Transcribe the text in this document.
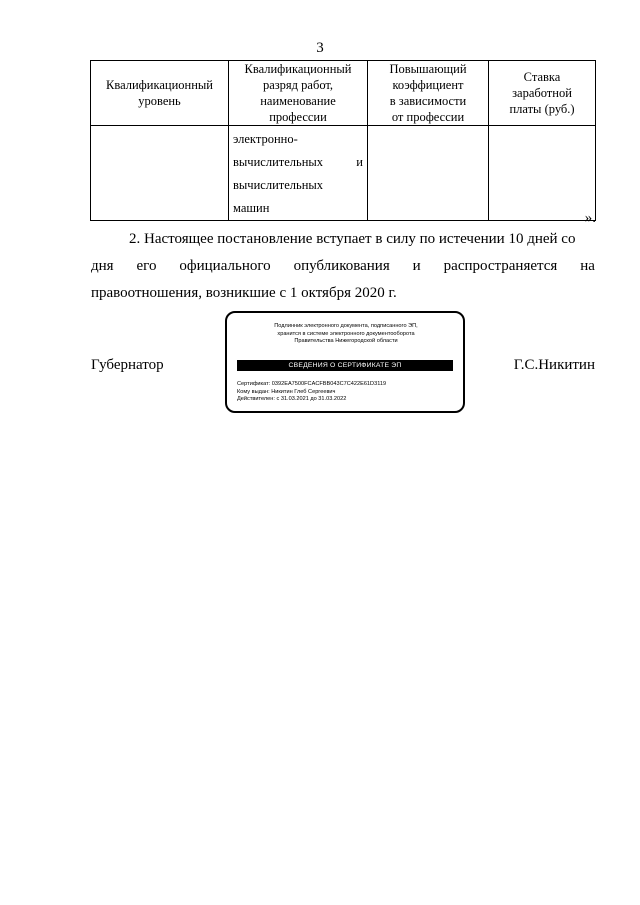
3
Квалификационный
уровень	Квалификационный
разряд работ,
наименование
профессии	Повышающий
коэффициент
в зависимости
от профессии	Ставка
заработной
платы (руб.)

	электронно-
вычислительных и
вычислительных
машин		

».
2. Настоящее постановление вступает в силу по истечении 10 дней со
дня его официального опубликования и распространяется на
правоотношения, возникшие с 1 октября 2020 г.
Губернатор
Подлинник электронного документа, подписанного ЭП,
хранится в системе электронного документооборота
Правительства Нижегородской области
СВЕДЕНИЯ О СЕРТИФИКАТЕ ЭП
Сертификат: 0392EA7500FCACFBB043C7C422E61D3119
Кому выдан: Никитин Глеб Сергеевич
Действителен: с 31.03.2021 до 31.03.2022
Г.С.Никитин
